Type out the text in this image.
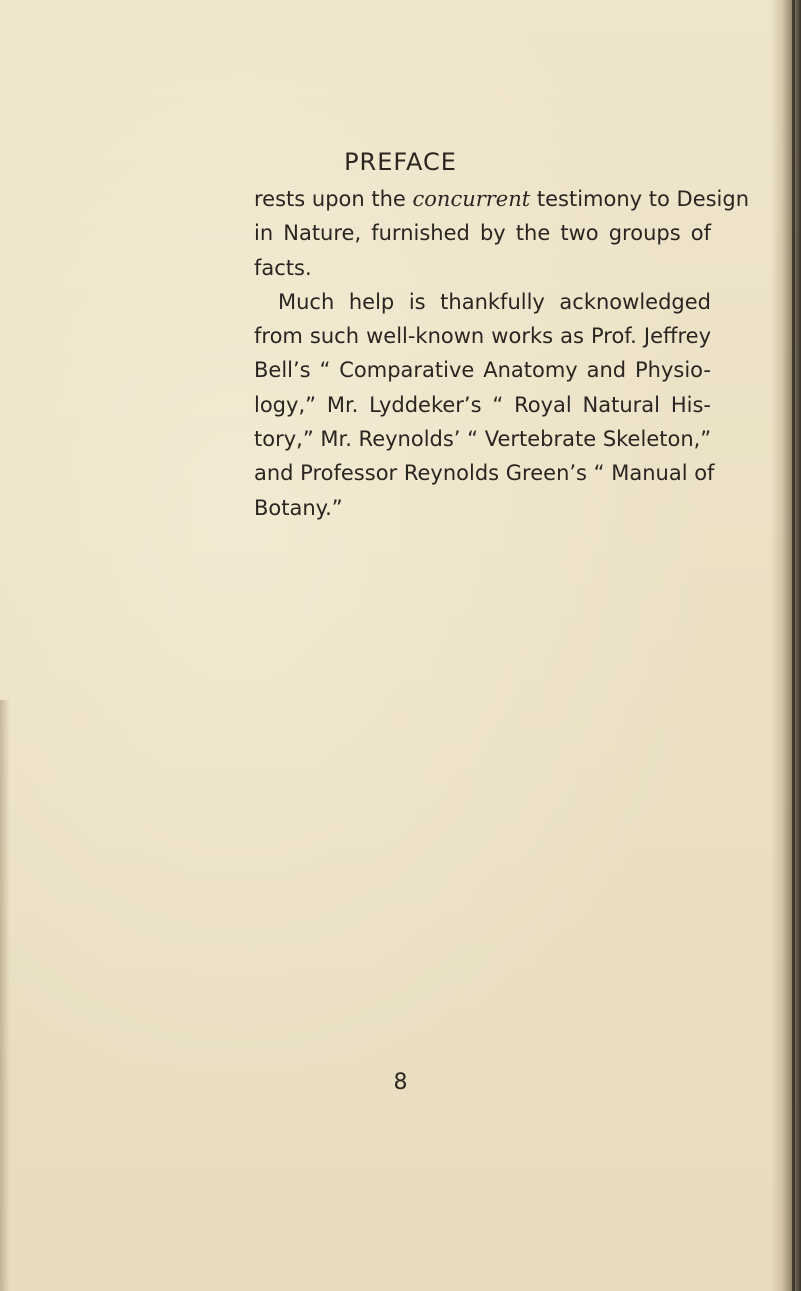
PREFACE
rests upon the concurrent testimony to Design
in Nature, furnished by the two groups of
facts.
Much help is thankfully acknowledged
from such well-known works as Prof. Jeffrey
Bell’s “ Comparative Anatomy and Physio-
logy,” Mr. Lyddeker’s “ Royal Natural His-
tory,” Mr. Reynolds’ “ Vertebrate Skeleton,”
and Professor Reynolds Green’s “ Manual of
Botany.”
8
